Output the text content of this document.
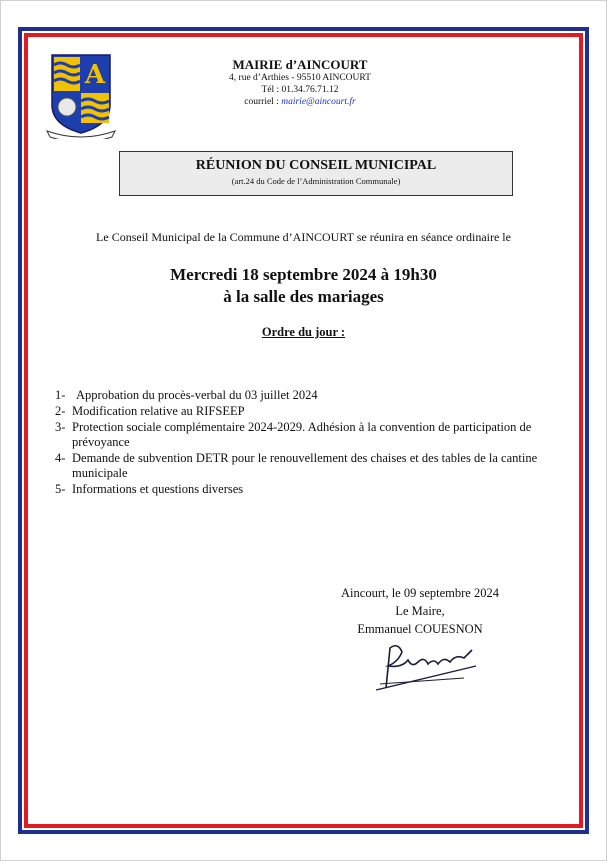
A	MAIRIE d’AINCOURT
4, rue d’Arthies - 95510 AINCOURT
Tél : 01.34.76.71.12
courriel : mairie@aincourt.fr
RÉUNION DU CONSEIL MUNICIPAL
(art.24 du Code de l’Administration Communale)
Le Conseil Municipal de la Commune d’AINCOURT se réunira en séance ordinaire le
Mercredi 18 septembre 2024 à 19h30
à la salle des mariages
Ordre du jour :
1- Approbation du procès-verbal du 03 juillet 2024
2- Modification relative au RIFSEEP
3- Protection sociale complémentaire 2024-2029. Adhésion à la convention de participation de prévoyance
4- Demande de subvention DETR pour le renouvellement des chaises et des tables de la cantine municipale
5- Informations et questions diverses
Aincourt, le 09 septembre 2024
Le Maire,
Emmanuel COUESNON
